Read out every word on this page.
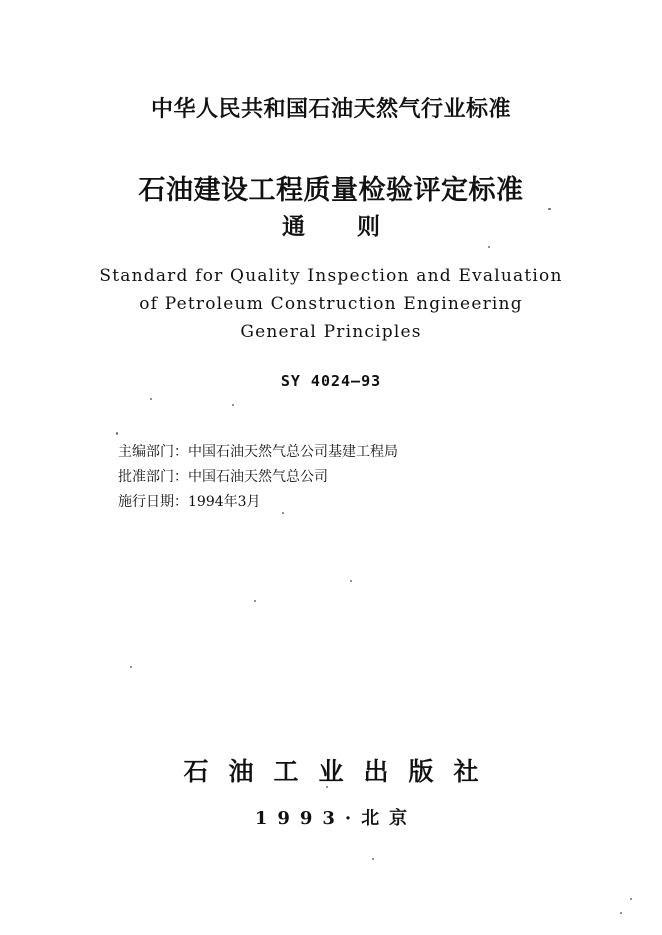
中华人民共和国石油天然气行业标准
石油建设工程质量检验评定标准
通则
Standard for Quality Inspection and Evaluation
of Petroleum Construction Engineering
General Principles
SY 4024—93
主编部门：中国石油天然气总公司基建工程局
批准部门：中国石油天然气总公司
施行日期：1994年3月
石油工业出版社
1993·北京
